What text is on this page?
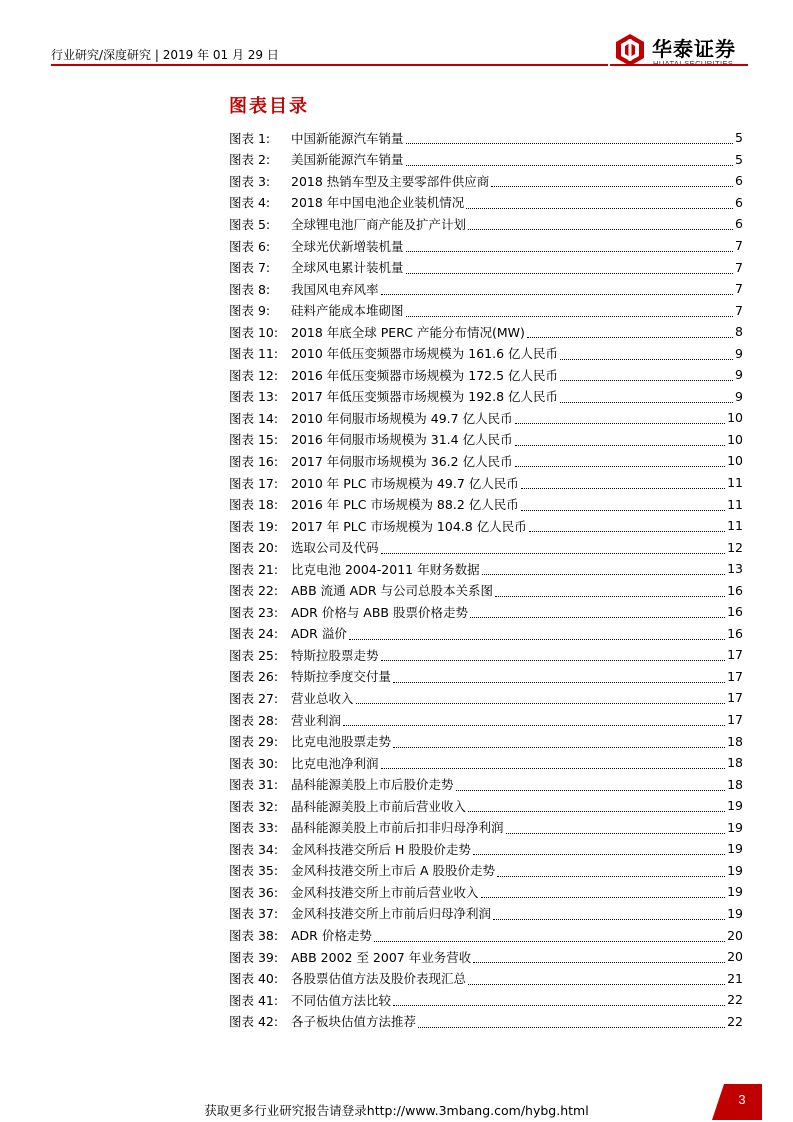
行业研究/深度研究 | 2019 年 01 月 29 日	华泰证券
图表目录
图表 1:	中国新能源汽车销量	5
图表 2:	美国新能源汽车销量	5
图表 3:	2018 热销车型及主要零部件供应商	6
图表 4:	2018 年中国电池企业装机情况	6
图表 5:	全球锂电池厂商产能及扩产计划	6
图表 6:	全球光伏新增装机量	7
图表 7:	全球风电累计装机量	7
图表 8:	我国风电弃风率	7
图表 9:	硅料产能成本堆砌图	7
图表 10:	2018 年底全球 PERC 产能分布情况(MW)	8
图表 11:	2010 年低压变频器市场规模为 161.6 亿人民币	9
图表 12:	2016 年低压变频器市场规模为 172.5 亿人民币	9
图表 13:	2017 年低压变频器市场规模为 192.8 亿人民币	9
图表 14:	2010 年伺服市场规模为 49.7 亿人民币	10
图表 15:	2016 年伺服市场规模为 31.4 亿人民币	10
图表 16:	2017 年伺服市场规模为 36.2 亿人民币	10
图表 17:	2010 年 PLC 市场规模为 49.7 亿人民币	11
图表 18:	2016 年 PLC 市场规模为 88.2 亿人民币	11
图表 19:	2017 年 PLC 市场规模为 104.8 亿人民币	11
图表 20:	选取公司及代码	12
图表 21:	比克电池 2004-2011 年财务数据	13
图表 22:	ABB 流通 ADR 与公司总股本关系图	16
图表 23:	ADR 价格与 ABB 股票价格走势	16
图表 24:	ADR 溢价	16
图表 25:	特斯拉股票走势	17
图表 26:	特斯拉季度交付量	17
图表 27:	营业总收入	17
图表 28:	营业利润	17
图表 29:	比克电池股票走势	18
图表 30:	比克电池净利润	18
图表 31:	晶科能源美股上市后股价走势	18
图表 32:	晶科能源美股上市前后营业收入	19
图表 33:	晶科能源美股上市前后扣非归母净利润	19
图表 34:	金风科技港交所后 H 股股价走势	19
图表 35:	金风科技港交所上市后 A 股股价走势	19
图表 36:	金风科技港交所上市前后营业收入	19
图表 37:	金风科技港交所上市前后归母净利润	19
图表 38:	ADR 价格走势	20
图表 39:	ABB 2002 至 2007 年业务营收	20
图表 40:	各股票估值方法及股价表现汇总	21
图表 41:	不同估值方法比较	22
图表 42:	各子板块估值方法推荐	22
获取更多行业研究报告请登录http://www.3mbang.com/hybg.html
3
